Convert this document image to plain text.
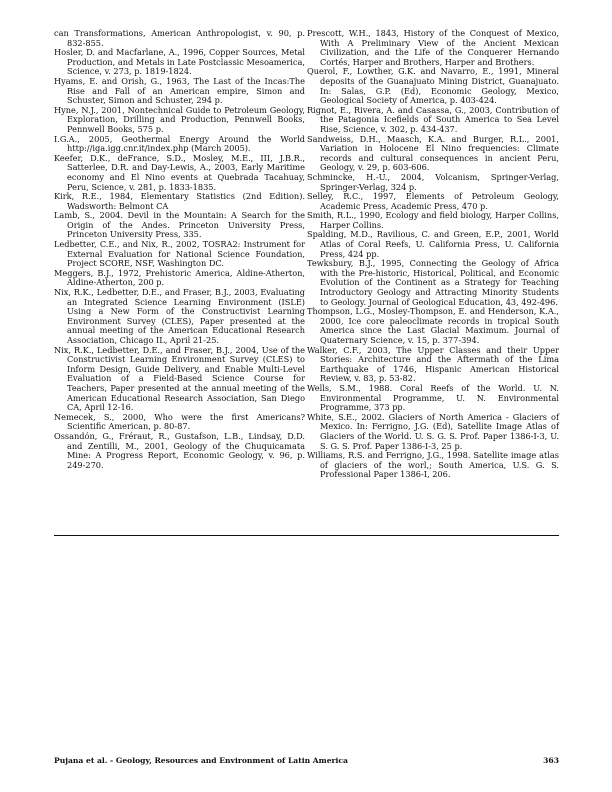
can Transformations, American Anthropologist, v. 90, p. 832-855.

Hosler, D. and Macfarlane, A., 1996, Copper Sources, Metal Production, and Metals in Late Postclassic Mesoamerica, Science, v. 273, p. 1819-1824.

Hyams, E. and Orish, G., 1963, The Last of the Incas:The Rise and Fall of an American empire, Simon and Schuster, Simon and Schuster, 294 p.

Hyne, N.J., 2001, Nontechnical Guide to Petroleum Geology, Exploration, Drilling and Production, Pennwell Books, Pennwell Books, 575 p.

I.G.A., 2005, Geothermal Energy Around the World http://iga.igg.cnr.it/index.php (March 2005).

Keefer, D.K., deFrance, S.D., Mosley, M.E., III, J.B.R., Satterlee, D.R. and Day-Lewis, A., 2003, Early Maritime economy and El Nino events at Quebrada Tacahuay, Peru, Science, v. 281, p. 1833-1835.

Kirk, R.E., 1984, Elementary Statistics (2nd Edition). Wadsworth: Belmont CA

Lamb, S., 2004. Devil in the Mountain: A Search for the Origin of the Andes. Princeton University Press, Princeton University Press, 335.

Ledbetter, C.E., and Nix, R., 2002, TOSRA2: Instrument for External Evaluation for National Science Foundation, Project SCORE, NSF, Washington DC.

Meggers, B.J., 1972, Prehistoric America, Aldine-Atherton, Aldine-Atherton, 200 p.

Nix, R.K., Ledbetter, D.E., and Fraser, B.J., 2003, Evaluating an Integrated Science Learning Environment (ISLE) Using a New Form of the Constructivist Learning Environment Survey (CLES), Paper presented at the annual meeting of the American Educational Research Association, Chicago IL, April 21-25.

Nix, R.K., Ledbetter, D.E., and Fraser, B.J., 2004, Use of the Constructivist Learning Environment Survey (CLES) to Inform Design, Guide Delivery, and Enable Multi-Level Evaluation of a Field-Based Science Course for Teachers, Paper presented at the annual meeting of the American Educational Research Association, San Diego CA, April 12-16.

Nemecek, S., 2000, Who were the first Americans? Scientific American, p. 80-87.

Ossandón, G., Fréraut, R., Gustafson, L.B., Lindsay, D.D. and Zentilli, M., 2001, Geology of the Chuquicamata Mine: A Progress Report, Economic Geology, v. 96, p. 249-270.

Prescott, W.H., 1843, History of the Conquest of Mexico, With A Preliminary View of the Ancient Mexican Civilization, and the Life of the Conquerer Hernando Cortés, Harper and Brothers, Harper and Brothers.

Querol, F., Lowther, G.K. and Navarro, E., 1991, Mineral deposits of the Guanajuato Mining District, Guanajuato. In: Salas, G.P. (Ed), Economic Geology, Mexico, Geological Society of America, p. 403-424.

Rignot, E., Rivera, A. and Casassa, G., 2003, Contribution of the Patagonia Icefields of South America to Sea Level Rise, Science, v. 302, p. 434-437.

Sandweiss, D.H., Maasch, K.A. and Burger, R.L., 2001, Variation in Holocene El Nino frequencies: Climate records and cultural consequences in ancient Peru, Geology, v. 29, p. 603-606.

Schmincke, H.-U., 2004, Volcanism, Springer-Verlag, Springer-Verlag, 324 p.

Selley, R.C., 1997, Elements of Petroleum Geology, Academic Press, Academic Press, 470 p.

Smith, R.L., 1990, Ecology and field biology, Harper Collins, Harper Collins.

Spalding, M.D., Ravilious, C. and Green, E.P., 2001, World Atlas of Coral Reefs, U. California Press, U. California Press, 424 pp.

Tewksbury, B.J., 1995, Connecting the Geology of Africa with the Pre-historic, Historical, Political, and Economic Evolution of the Continent as a Strategy for Teaching Introductory Geology and Attracting Minority Students to Geology. Journal of Geological Education, 43, 492-496.

Thompson, L.G., Mosley-Thompson, E. and Henderson, K.A., 2000, Ice core paleoclimate records in tropical South America since the Last Glacial Maximum. Journal of Quaternary Science, v. 15, p. 377-394.

Walker, C.F., 2003, The Upper Classes and their Upper Stories: Architecture and the Aftermath of the Lima Earthquake of 1746, Hispanic American Historical Review, v. 83, p. 53-82.

Wells, S.M., 1988. Coral Reefs of the World. U. N. Environmental Programme, U. N. Environmental Programme, 373 pp.

White, S.E., 2002. Glaciers of North America - Glaciers of Mexico. In: Ferrigno, J.G. (Ed), Satellite Image Atlas of Glaciers of the World. U. S. G. S. Prof. Paper 1386-I-3, U. S. G. S. Prof. Paper 1386-I-3, 25 p.

Williams, R.S. and Ferrigno, J.G., 1998. Satellite image atlas of glaciers of the worl,; South America, U.S. G. S. Professional Paper 1386-I, 206.

Pujana et al. - Geology, Resources and Environment of Latin America	363
